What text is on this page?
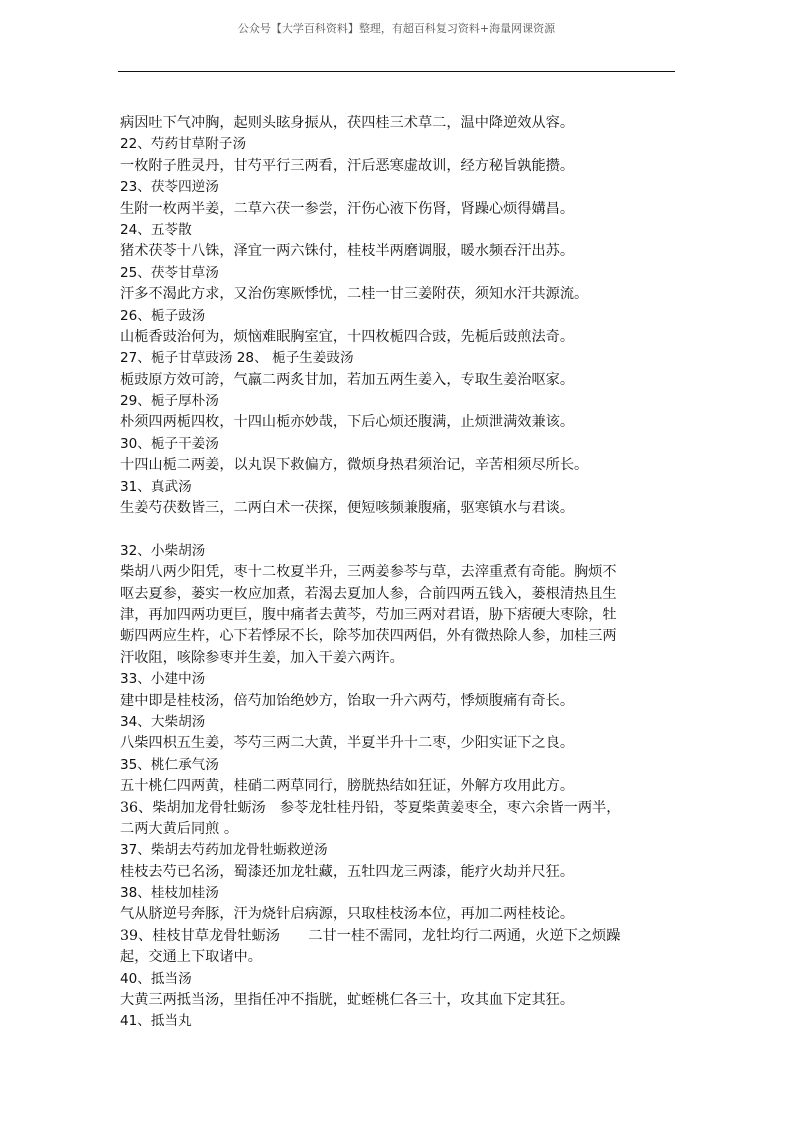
公众号【大学百科资料】整理，有超百科复习资料+海量网课资源
病因吐下气冲胸，起则头眩身振从，茯四桂三术草二，温中降逆效从容。
22、芍药甘草附子汤
一枚附子胜灵丹，甘芍平行三两看，汗后恶寒虚故训，经方秘旨孰能攒。
23、茯苓四逆汤
生附一枚两半姜，二草六茯一参尝，汗伤心液下伤肾，肾躁心烦得媾昌。
24、五苓散
猪术茯苓十八铢，泽宜一两六铢付，桂枝半两磨调服，暖水频吞汗出苏。
25、茯苓甘草汤
汗多不渴此方求，又治伤寒厥悸忧，二桂一甘三姜附茯，须知水汗共源流。
26、栀子豉汤
山栀香豉治何为，烦恼难眠胸室宜，十四枚栀四合豉，先栀后豉煎法奇。
27、栀子甘草豉汤 28、 栀子生姜豉汤
栀豉原方效可誇，气羸二两炙甘加，若加五两生姜入，专取生姜治呕家。
29、栀子厚朴汤
朴须四两栀四枚，十四山栀亦妙哉，下后心烦还腹满，止烦泄满效兼该。
30、栀子干姜汤
十四山栀二两姜，以丸误下救偏方，微烦身热君须治记，辛苦相须尽所长。
31、真武汤
生姜芍茯数皆三，二两白术一茯探，便短咳频兼腹痛，驱寒镇水与君谈。
32、小柴胡汤
柴胡八两少阳凭，枣十二枚夏半升，三两姜参芩与草，去滓重煮有奇能。胸烦不
呕去夏参，蒌实一枚应加煮，若渴去夏加人参，合前四两五钱入，蒌根清热且生
津，再加四两功更巨，腹中痛者去黄芩，芍加三两对君语，胁下痞硬大枣除，牡
蛎四两应生杵，心下若悸尿不长，除芩加茯四两侣，外有微热除人参，加桂三两
汗收阻，咳除参枣并生姜，加入干姜六两许。
33、小建中汤
建中即是桂枝汤，倍芍加饴绝妙方，饴取一升六两芍，悸烦腹痛有奇长。
34、大柴胡汤
八柴四枳五生姜，芩芍三两二大黄，半夏半升十二枣，少阳实证下之良。
35、桃仁承气汤
五十桃仁四两黄，桂硝二两草同行，膀胱热结如狂证，外解方攻用此方。
36、柴胡加龙骨牡蛎汤　参苓龙牡桂丹铅，苓夏柴黄姜枣全，枣六余皆一两半，
二两大黄后同煎 。
37、柴胡去芍药加龙骨牡蛎救逆汤
桂枝去芍已名汤，蜀漆还加龙牡藏，五牡四龙三两漆，能疗火劫并尺狂。
38、桂枝加桂汤
气从脐逆号奔豚，汗为烧针启病源，只取桂枝汤本位，再加二两桂枝论。
39、桂枝甘草龙骨牡蛎汤　　二甘一桂不需同，龙牡均行二两通，火逆下之烦躁
起，交通上下取诸中。
40、抵当汤
大黄三两抵当汤，里指任冲不指胱，虻蛭桃仁各三十，攻其血下定其狂。
41、抵当丸
